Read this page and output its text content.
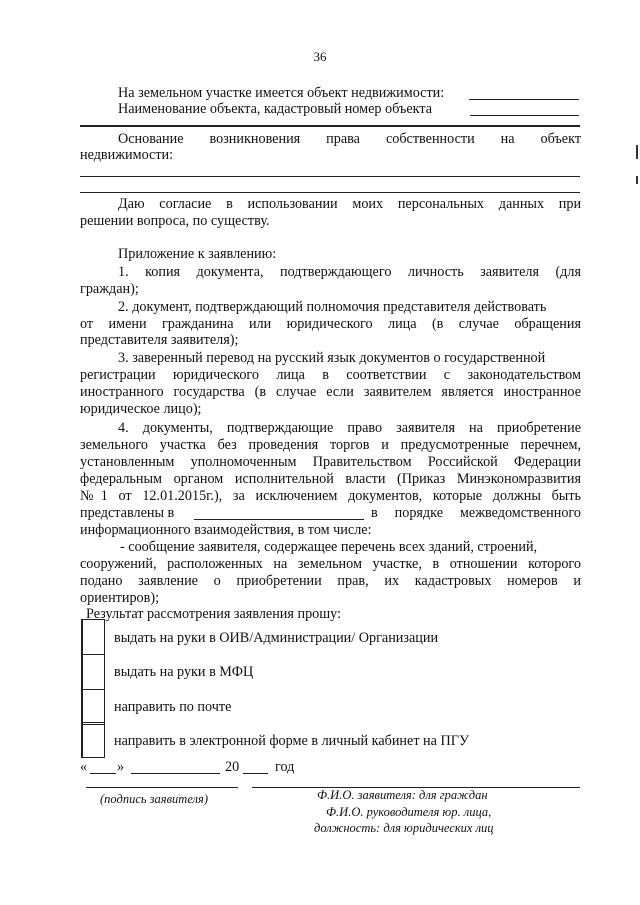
36
На земельном участке имеется объект недвижимости:
Наименование объекта, кадастровый номер объекта
Основание возникновения права собственности на объект
недвижимости:
Даю согласие в использовании моих персональных данных при
решении вопроса, по существу.
Приложение к заявлению:
1. копия документа, подтверждающего личность заявителя (для
граждан);
2. документ, подтверждающий полномочия представителя действовать
от имени гражданина или юридического лица (в случае обращения
представителя заявителя);
3. заверенный перевод на русский язык документов о государственной
регистрации юридического лица в соответствии с законодательством
иностранного государства (в случае если заявителем является иностранное
юридическое лицо);
4. документы, подтверждающие право заявителя на приобретение
земельного участка без проведения торгов и предусмотренные перечнем,
установленным уполномоченным Правительством Российской Федерации
федеральным органом исполнительной власти (Приказ Минэкономразвития
№1 от 12.01.2015г.), за исключением документов, которые должны быть
представлены в	в порядке межведомственного
информационного взаимодействия, в том числе:
- сообщение заявителя, содержащее перечень всех зданий, строений,
сооружений, расположенных на земельном участке, в отношении которого
подано заявление о приобретении прав, их кадастровых номеров и
ориентиров);
Результат рассмотрения заявления прошу:
выдать на руки в ОИВ/Администрации/ Организации
выдать на руки в МФЦ
направить по почте
направить в электронной форме в личный кабинет на ПГУ
« »	20	год
(подпись заявителя)	Ф.И.О. заявителя: для граждан
Ф.И.О. руководителя юр. лица,
должность: для юридических лиц
